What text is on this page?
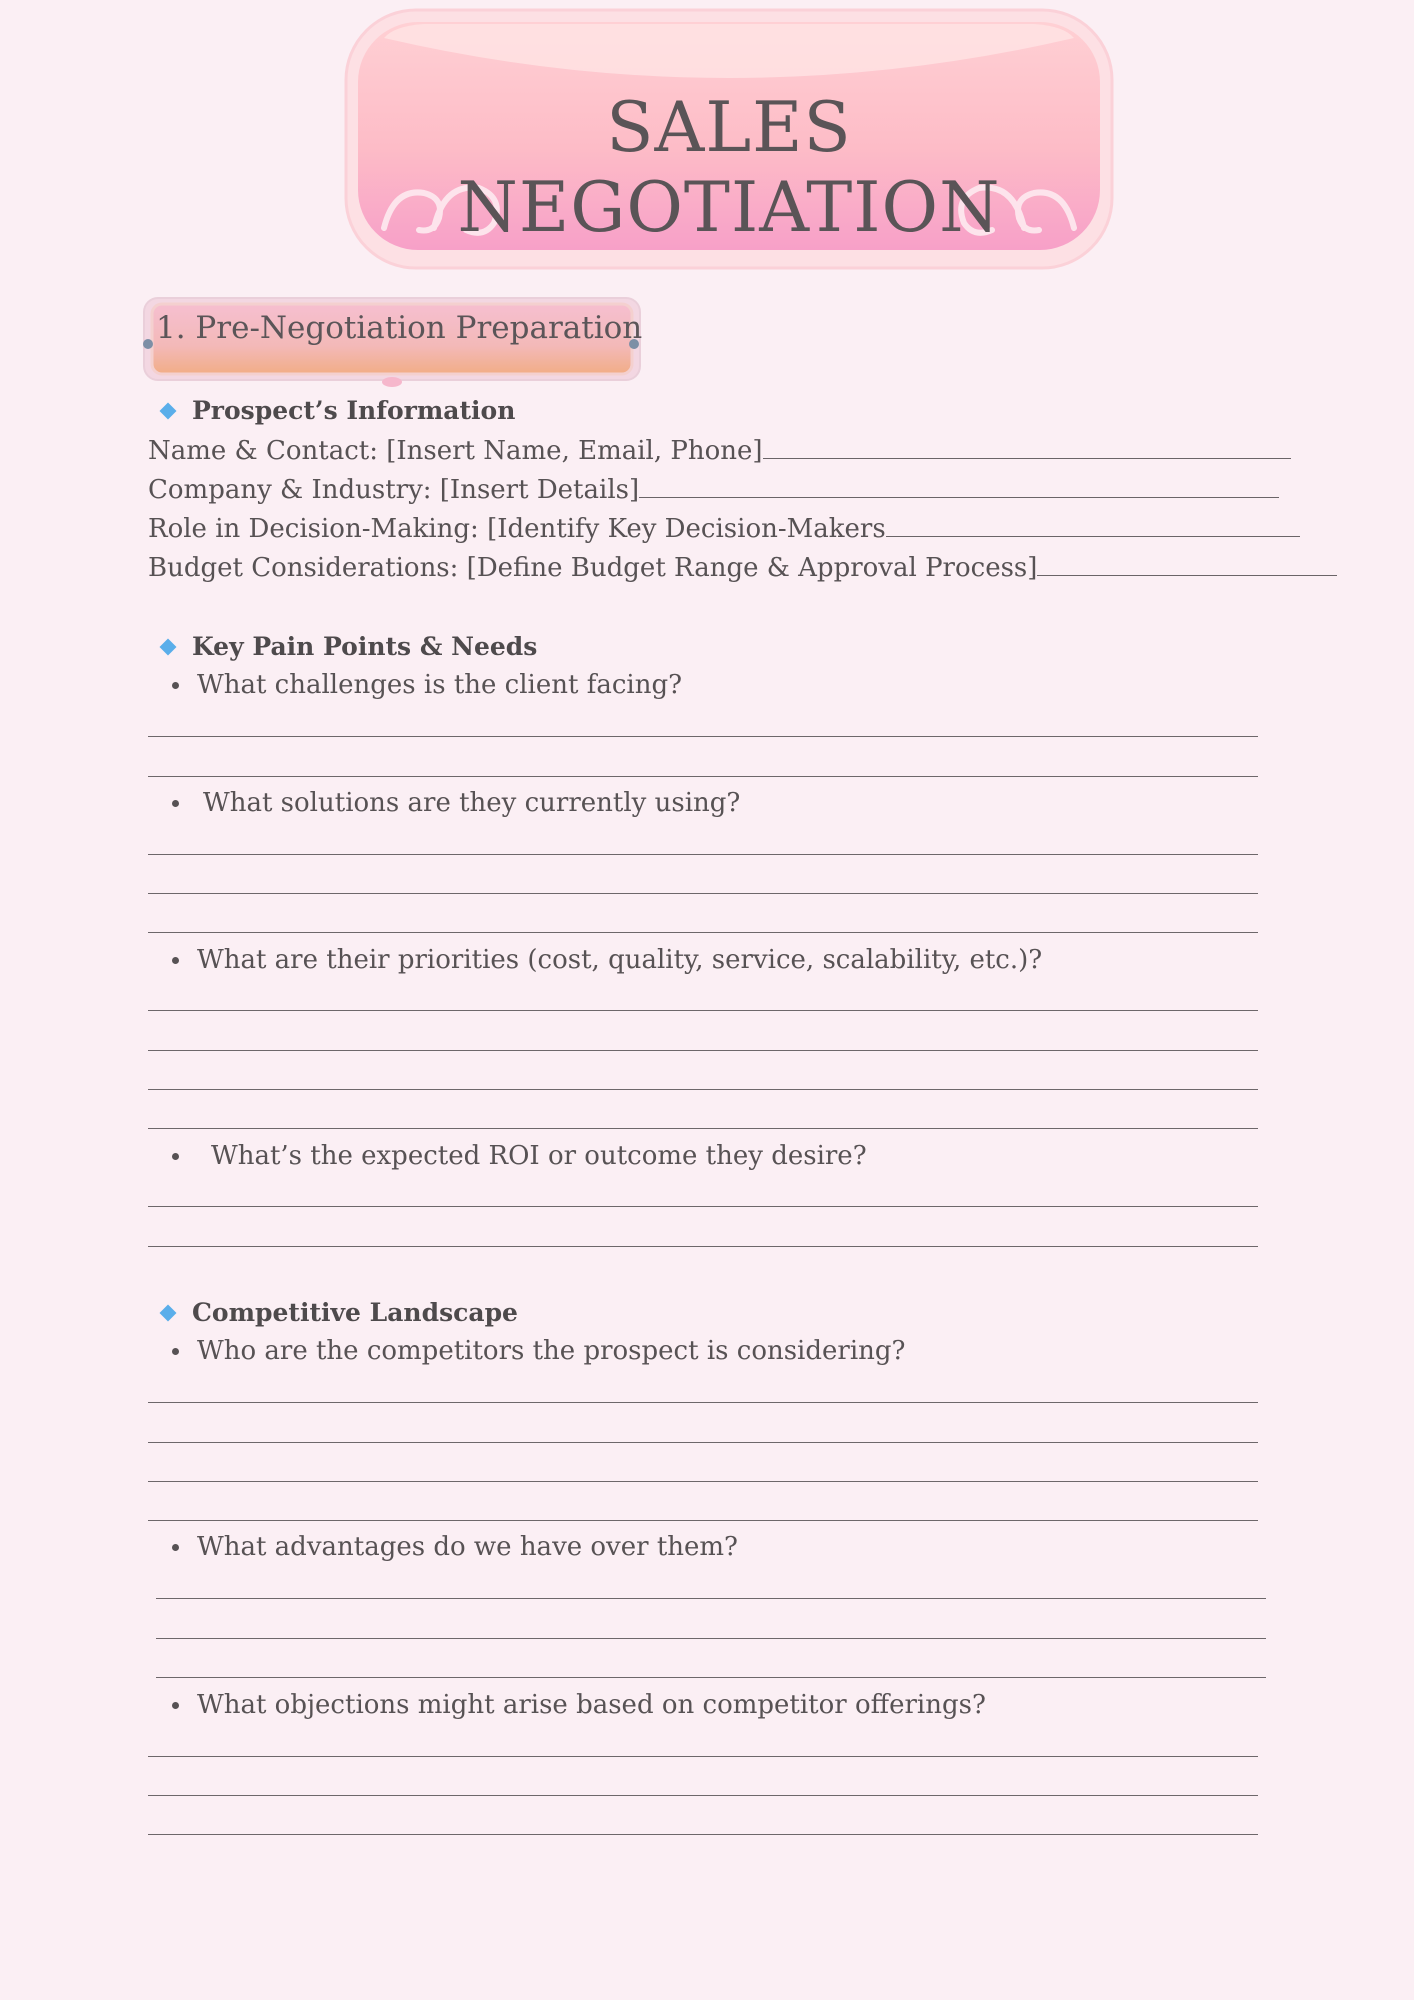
SALES NEGOTIATION
1. Pre-Negotiation Preparation
Prospect’s Information
Name & Contact: [Insert Name, Email, Phone]
Company & Industry: [Insert Details]
Role in Decision-Making: [Identify Key Decision-Makers
Budget Considerations: [Define Budget Range & Approval Process]
Key Pain Points & Needs
What challenges is the client facing?
What solutions are they currently using?
What are their priorities (cost, quality, service, scalability, etc.)?
What’s the expected ROI or outcome they desire?
Competitive Landscape
Who are the competitors the prospect is considering?
What advantages do we have over them?
What objections might arise based on competitor offerings?
